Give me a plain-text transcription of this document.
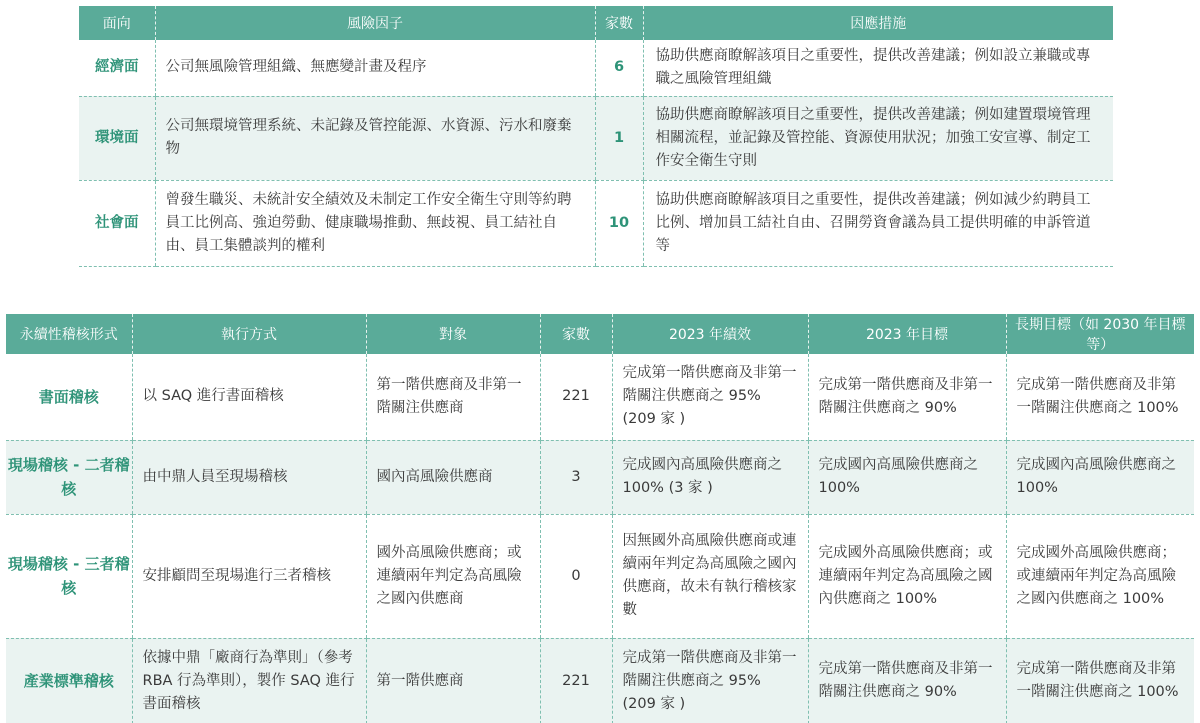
面向	風險因子	家數	因應措施
經濟面	公司無風險管理組織、無應變計畫及程序	6	協助供應商瞭解該項目之重要性，提供改善建議；例如設立兼職或專職之風險管理組織
環境面	公司無環境管理系統、未記錄及管控能源、水資源、污水和廢棄物	1	協助供應商瞭解該項目之重要性，提供改善建議；例如建置環境管理相關流程，並記錄及管控能、資源使用狀況；加強工安宣導、制定工作安全衛生守則
社會面	曾發生職災、未統計安全績效及未制定工作安全衛生守則等約聘員工比例高、強迫勞動、健康職場推動、無歧視、員工結社自由、員工集體談判的權利	10	協助供應商瞭解該項目之重要性，提供改善建議；例如減少約聘員工比例、增加員工結社自由、召開勞資會議為員工提供明確的申訴管道等
永續性稽核形式	執行方式	對象	家數	2023 年績效	2023 年目標	長期目標（如 2030 年目標等）
書面稽核	以 SAQ 進行書面稽核	第一階供應商及非第一階關注供應商	221	完成第一階供應商及非第一階關注供應商之 95% (209 家 )	完成第一階供應商及非第一階關注供應商之 90%	完成第一階供應商及非第一階關注供應商之 100%
現場稽核 - 二者稽核	由中鼎人員至現場稽核	國內高風險供應商	3	完成國內高風險供應商之 100% (3 家 )	完成國內高風險供應商之 100%	完成國內高風險供應商之 100%
現場稽核 - 三者稽核	安排顧問至現場進行三者稽核	國外高風險供應商；或連續兩年判定為高風險之國內供應商	0	因無國外高風險供應商或連續兩年判定為高風險之國內供應商，故未有執行稽核家數	完成國外高風險供應商；或連續兩年判定為高風險之國內供應商之 100%	完成國外高風險供應商；或連續兩年判定為高風險之國內供應商之 100%
產業標準稽核	依據中鼎「廠商行為準則」（參考 RBA 行為準則），製作 SAQ 進行書面稽核	第一階供應商	221	完成第一階供應商及非第一階關注供應商之 95% (209 家 )	完成第一階供應商及非第一階關注供應商之 90%	完成第一階供應商及非第一階關注供應商之 100%
